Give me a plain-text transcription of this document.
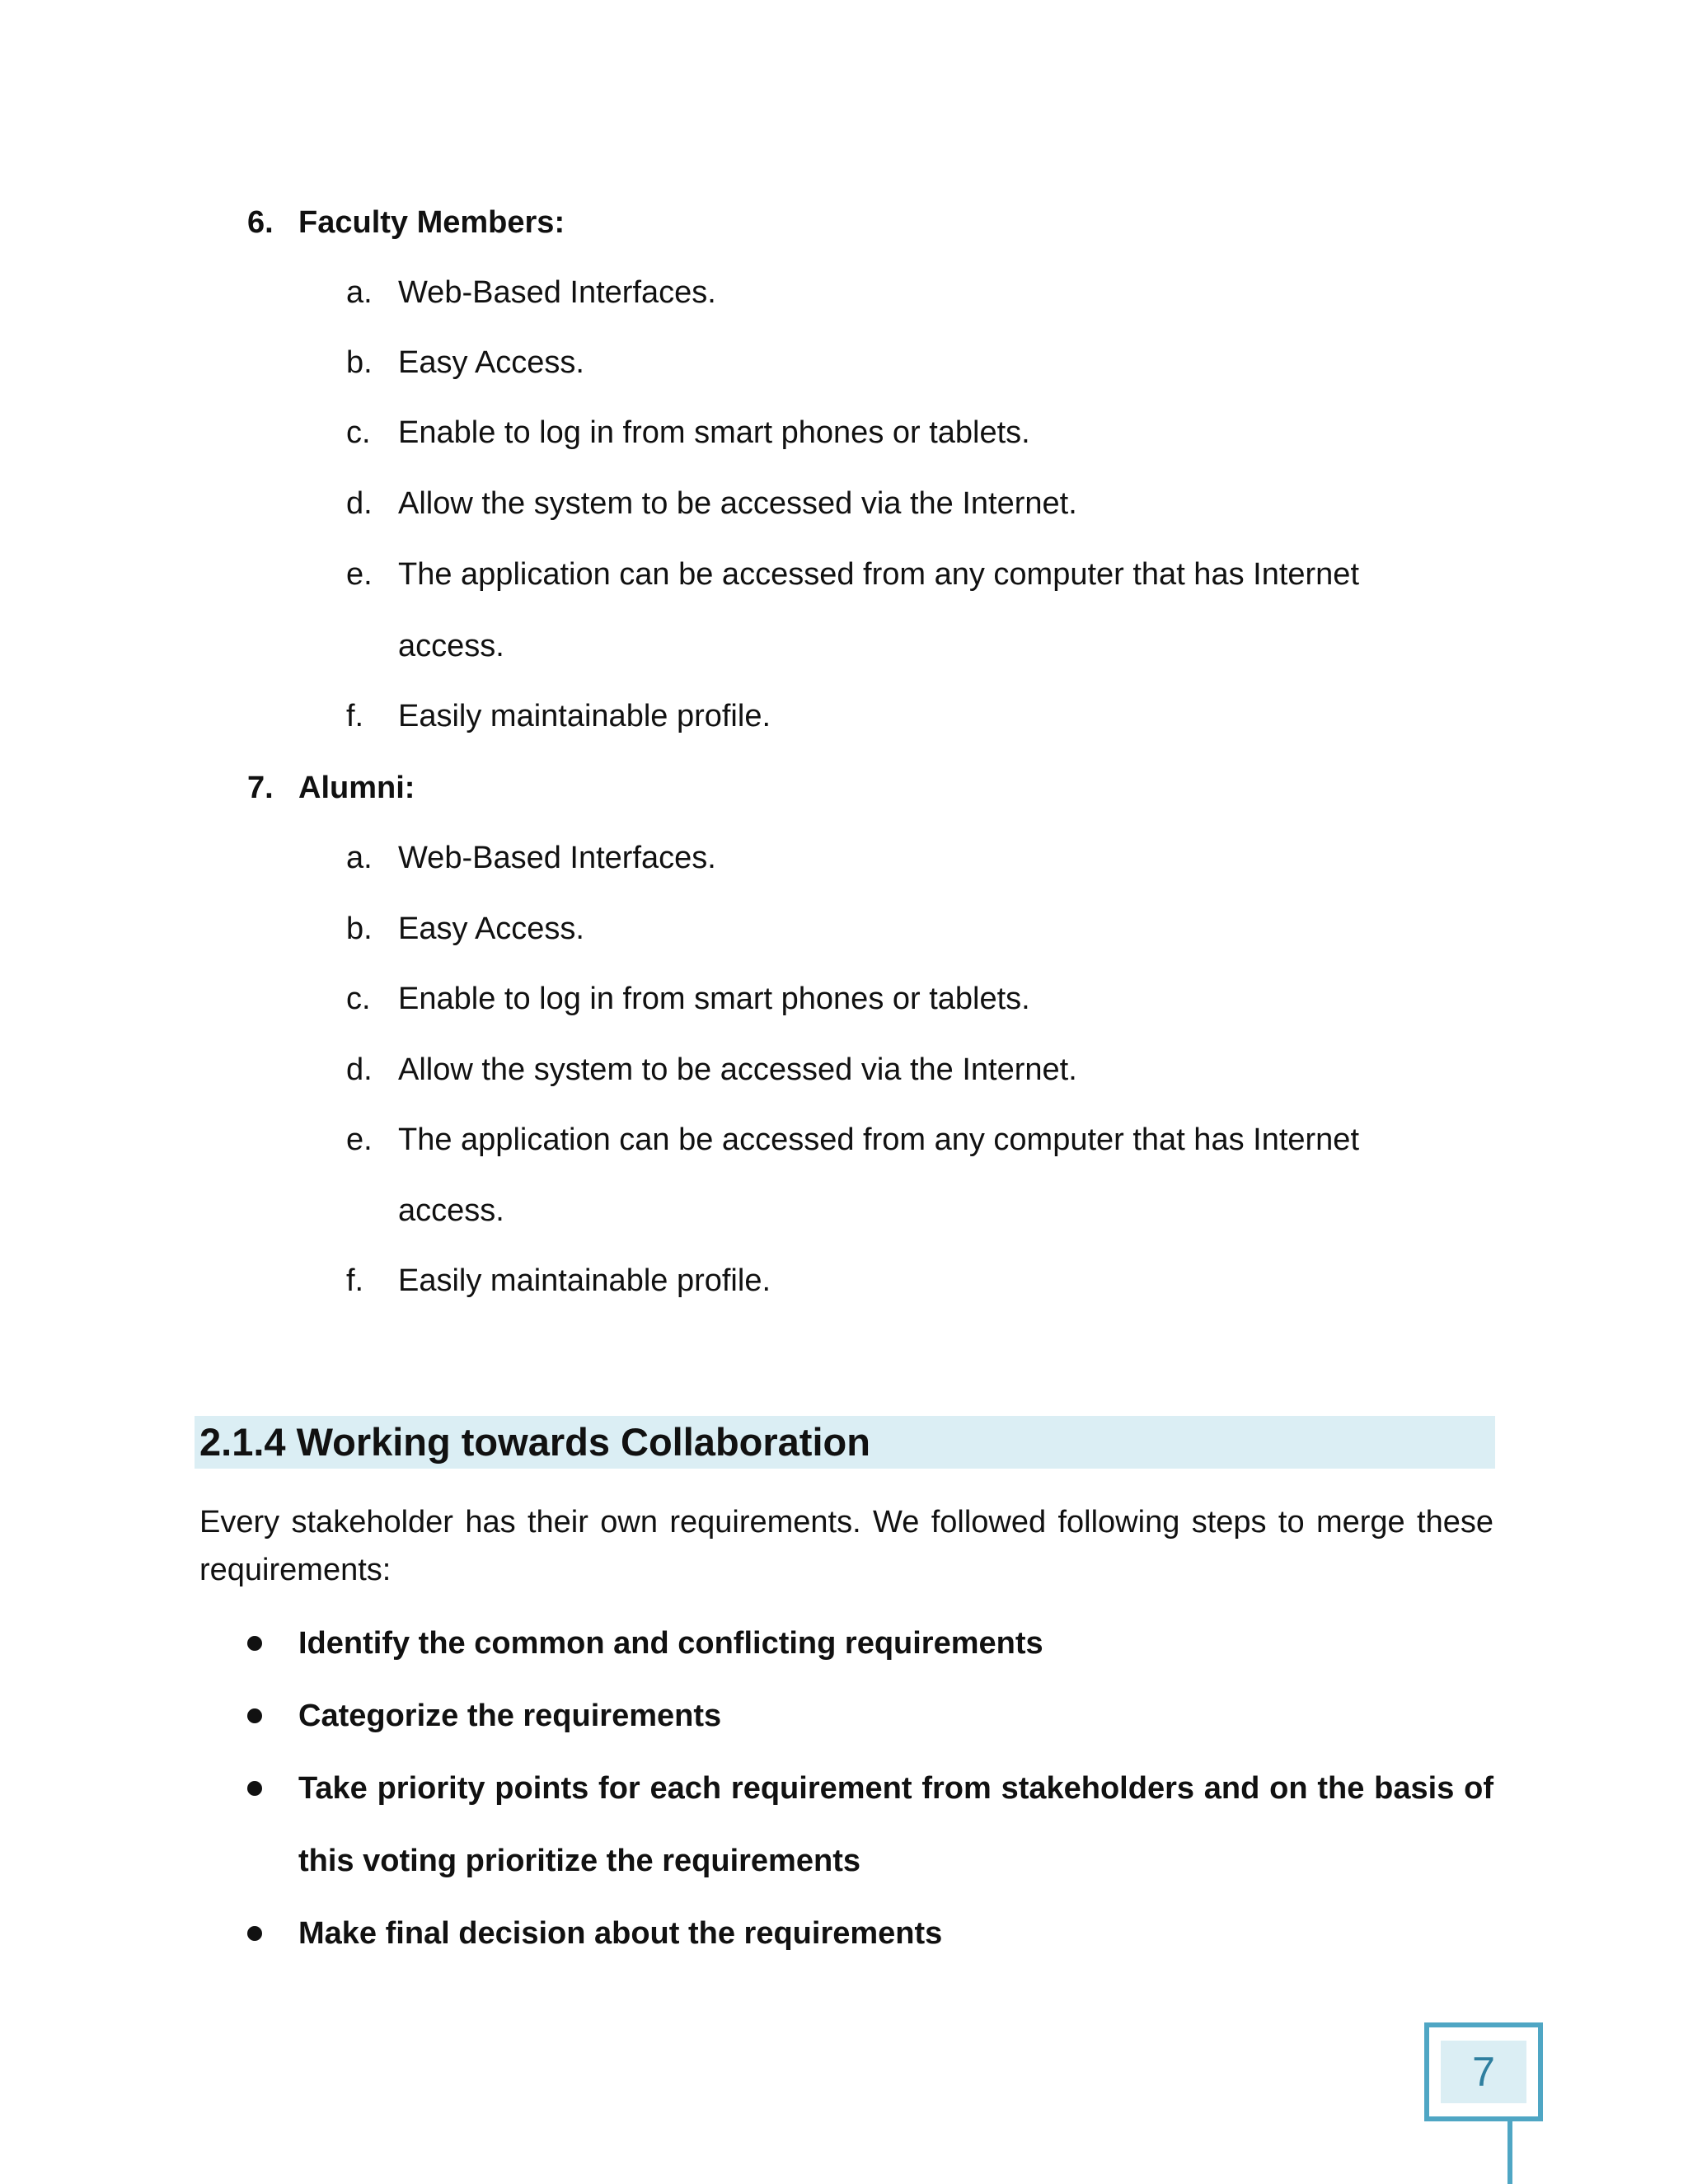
6. Faculty Members:
a. Web-Based Interfaces.
b. Easy Access.
c. Enable to log in from smart phones or tablets.
d. Allow the system to be accessed via the Internet.
e. The application can be accessed from any computer that has Internet
access.
f. Easily maintainable profile.
7. Alumni:
a. Web-Based Interfaces.
b. Easy Access.
c. Enable to log in from smart phones or tablets.
d. Allow the system to be accessed via the Internet.
e. The application can be accessed from any computer that has Internet
access.
f. Easily maintainable profile.
2.1.4 Working towards Collaboration
Every stakeholder has their own requirements. We followed following steps to merge these requirements:
Identify the common and conflicting requirements
Categorize the requirements
Take priority points for each requirement from stakeholders and on the basis of this voting prioritize the requirements
Make final decision about the requirements
7
